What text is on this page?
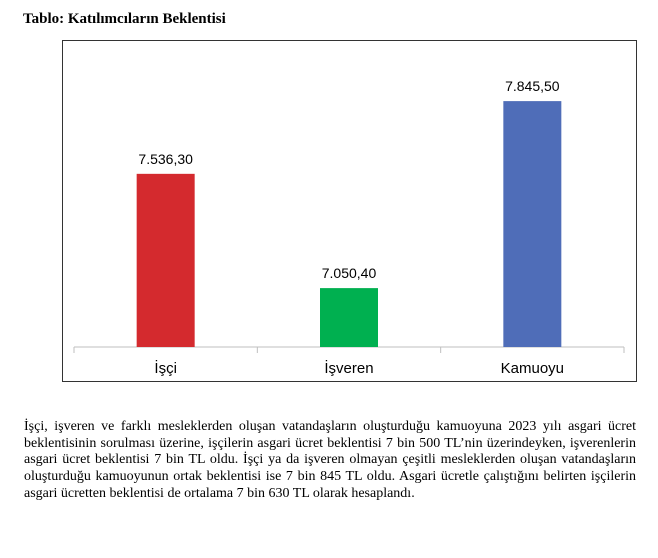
Tablo: Katılımcıların Beklentisi
7.536,30
İşçi
7.050,40
İşveren
7.845,50
Kamuoyu
İşçi, işveren ve farklı mesleklerden oluşan vatandaşların oluşturduğu kamuoyuna 2023 yılı asgari ücret beklentisinin sorulması üzerine, işçilerin asgari ücret beklentisi 7 bin 500 TL’nin üzerindeyken, işverenlerin asgari ücret beklentisi 7 bin TL oldu. İşçi ya da işveren olmayan çeşitli mesleklerden oluşan vatandaşların oluşturduğu kamuoyunun ortak beklentisi ise 7 bin 845 TL oldu. Asgari ücretle çalıştığını belirten işçilerin asgari ücretten beklentisi de ortalama 7 bin 630 TL olarak hesaplandı.
